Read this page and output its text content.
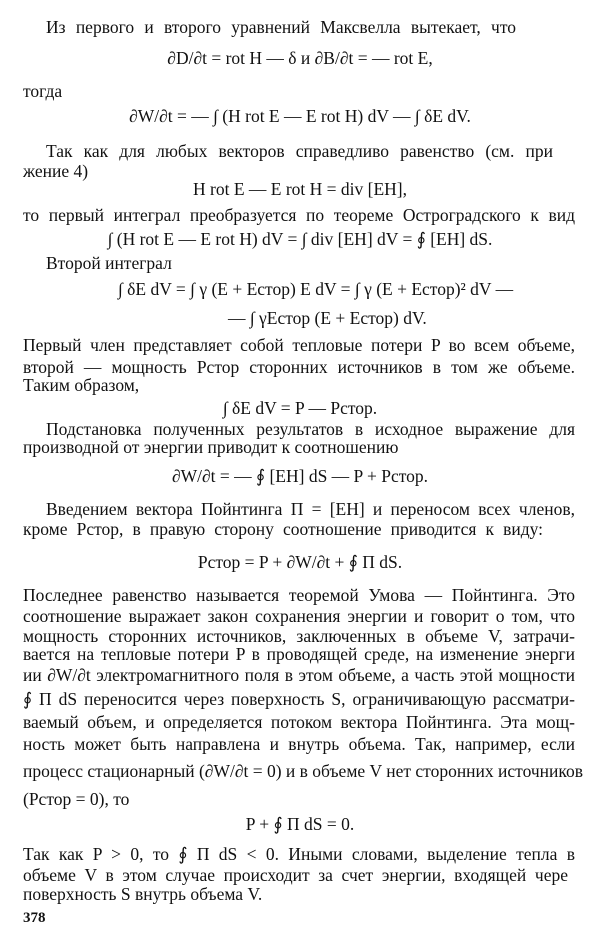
Из первого и второго уравнений Максвелла вытекает, что
∂D/∂t = rot H — δ и ∂B/∂t = — rot E,
тогда
∂W/∂t = — ∫ (H rot E — E rot H) dV — ∫ δE dV.
Так как для любых векторов справедливо равенство (см. при
жение 4)
H rot E — E rot H = div [EH],
то первый интеграл преобразуется по теореме Остроградского к вид
∫ (H rot E — E rot H) dV = ∫ div [EH] dV = ∮ [EH] dS.
Второй интеграл
∫ δE dV = ∫ γ (E + Eстор) E dV = ∫ γ (E + Eстор)² dV —
— ∫ γEстор (E + Eстор) dV.
Первый член представляет собой тепловые потери P во всем объеме,
второй — мощность Pстор сторонних источников в том же объеме.
Таким образом,
∫ δE dV = P — Pстор.
Подстановка полученных результатов в исходное выражение для
производной от энергии приводит к соотношению
∂W/∂t = — ∮ [EH] dS — P + Pстор.
Введением вектора Пойнтинга Π = [EH] и переносом всех членов,
кроме Pстор, в правую сторону соотношение приводится к виду:
Pстор = P + ∂W/∂t + ∮ Π dS.
Последнее равенство называется теоремой Умова — Пойнтинга. Это
соотношение выражает закон сохранения энергии и говорит о том, что
мощность сторонних источников, заключенных в объеме V, затрачи-
вается на тепловые потери P в проводящей среде, на изменение энерги
ии ∂W/∂t электромагнитного поля в этом объеме, а часть этой мощности
∮ Π dS переносится через поверхность S, ограничивающую рассматри-
ваемый объем, и определяется потоком вектора Пойнтинга. Эта мощ-
ность может быть направлена и внутрь объема. Так, например, если
процесс стационарный (∂W/∂t = 0) и в объеме V нет сторонних источников
(Pстор = 0), то
P + ∮ Π dS = 0.
Так как P > 0, то ∮ Π dS < 0. Иными словами, выделение тепла в
объеме V в этом случае происходит за счет энергии, входящей чере
поверхность S внутрь объема V.
378
